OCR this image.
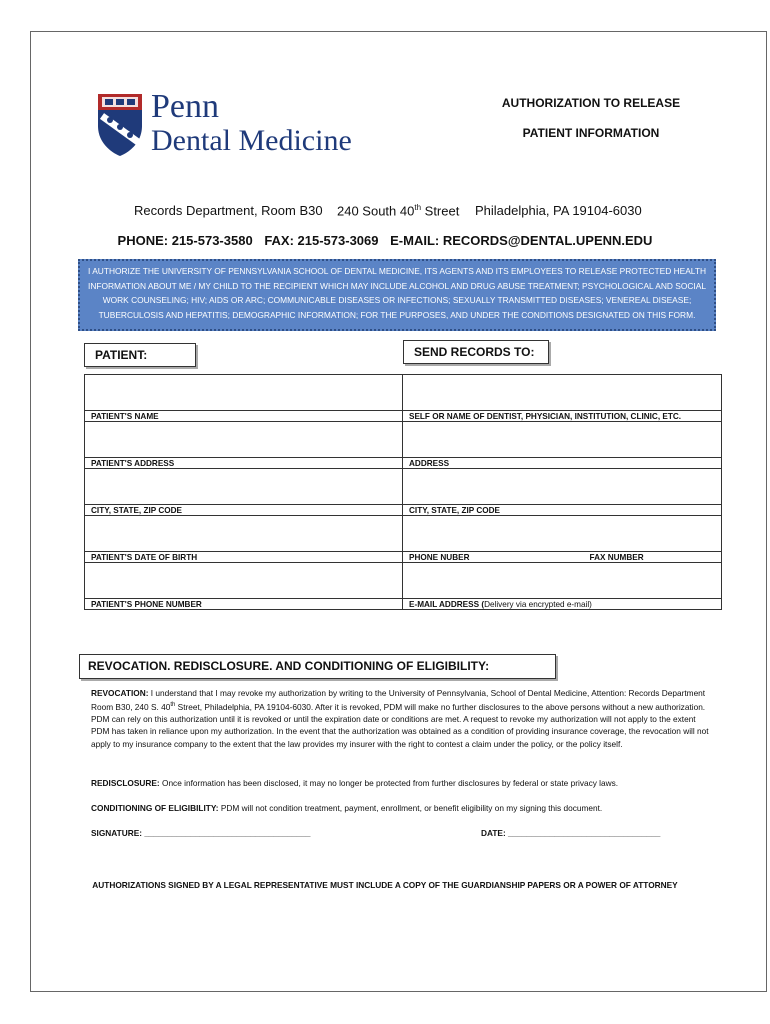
Penn
Dental Medicine
AUTHORIZATION TO RELEASE
PATIENT INFORMATION
Records Department, Room B30 240 South 40th Street Philadelphia, PA 19104-6030
PHONE: 215-573-3580 FAX: 215-573-3069 E-MAIL: RECORDS@DENTAL.UPENN.EDU
I AUTHORIZE THE UNIVERSITY OF PENNSYLVANIA SCHOOL OF DENTAL MEDICINE, ITS AGENTS AND ITS EMPLOYEES TO RELEASE PROTECTED HEALTH INFORMATION ABOUT ME / MY CHILD TO THE RECIPIENT WHICH MAY INCLUDE ALCOHOL AND DRUG ABUSE TREATMENT; PSYCHOLOGICAL AND SOCIAL WORK COUNSELING; HIV; AIDS OR ARC; COMMUNICABLE DISEASES OR INFECTIONS; SEXUALLY TRANSMITTED DISEASES; VENEREAL DISEASE; TUBERCULOSIS AND HEPATITIS; DEMOGRAPHIC INFORMATION; FOR THE PURPOSES, AND UNDER THE CONDITIONS DESIGNATED ON THIS FORM.
PATIENT:	SEND RECORDS TO:

PATIENT'S NAME	SELF OR NAME OF DENTIST, PHYSICIAN, INSTITUTION, CLINIC, ETC.

PATIENT'S ADDRESS	ADDRESS

CITY, STATE, ZIP CODE	CITY, STATE, ZIP CODE

PATIENT'S DATE OF BIRTH	PHONE NUBER FAX NUMBER

PATIENT'S PHONE NUMBER	E-MAIL ADDRESS (Delivery via encrypted e-mail)
REVOCATION. REDISCLOSURE. AND CONDITIONING OF ELIGIBILITY:
REVOCATION: I understand that I may revoke my authorization by writing to the University of Pennsylvania, School of Dental Medicine, Attention: Records Department Room B30, 240 S. 40th Street, Philadelphia, PA 19104-6030. After it is revoked, PDM will make no further disclosures to the above persons without a new authorization. PDM can rely on this authorization until it is revoked or until the expiration date or conditions are met. A request to revoke my authorization will not apply to the extent PDM has taken in reliance upon my authorization. In the event that the authorization was obtained as a condition of providing insurance coverage, the revocation will not apply to my insurance company to the extent that the law provides my insurer with the right to contest a claim under the policy, or the policy itself.
REDISCLOSURE: Once information has been disclosed, it may no longer be protected from further disclosures by federal or state privacy laws.
CONDITIONING OF ELIGIBILITY: PDM will not condition treatment, payment, enrollment, or benefit eligibility on my signing this document.
SIGNATURE: ____________________________________	DATE: _________________________________
AUTHORIZATIONS SIGNED BY A LEGAL REPRESENTATIVE MUST INCLUDE A COPY OF THE GUARDIANSHIP PAPERS OR A POWER OF ATTORNEY
